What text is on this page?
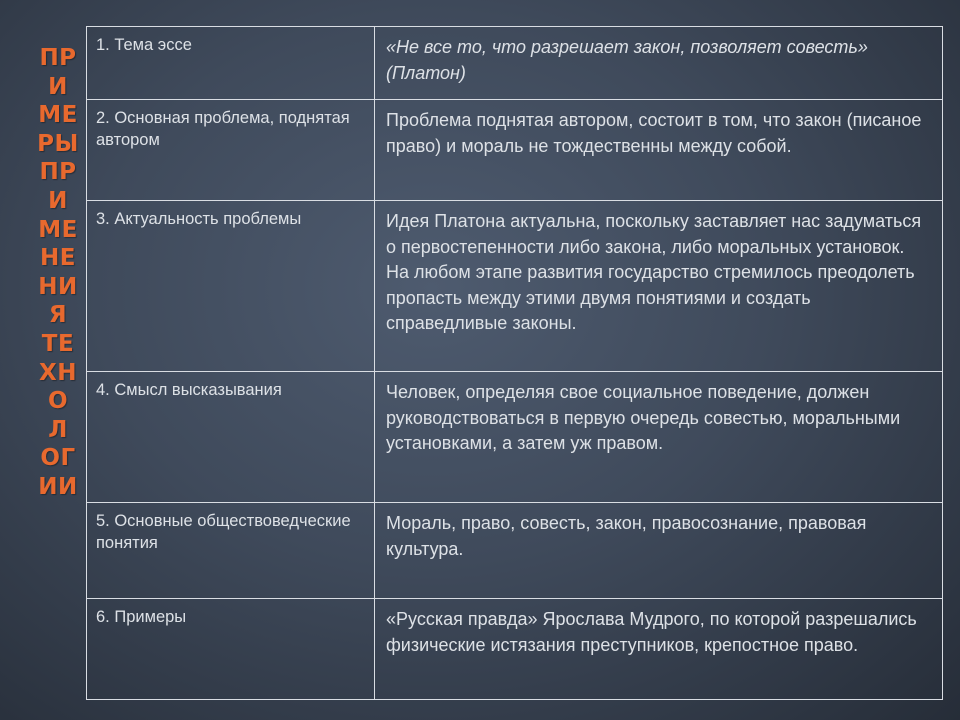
ПР
И
МЕ
РЫ
ПР
И
МЕ
НЕ
НИ
Я
ТЕ
ХН
О
Л
ОГ
ИИ
1. Тема эссе	«Не все то, что разрешает закон, позволяет совесть» (Платон)
2. Основная проблема, поднятая автором	Проблема поднятая автором, состоит в том, что закон (писаное право) и мораль не тождественны между собой.
3. Актуальность проблемы	Идея Платона актуальна, поскольку заставляет нас задуматься о первостепенности либо закона, либо моральных установок. На любом этапе развития государство стремилось преодолеть пропасть между этими двумя понятиями и создать справедливые законы.
4. Смысл высказывания	Человек, определяя свое социальное поведение, должен руководствоваться в первую очередь совестью, моральными установками, а затем уж правом.
5. Основные обществоведческие понятия	Мораль, право, совесть, закон, правосознание, правовая культура.
6. Примеры	«Русская правда» Ярослава Мудрого, по которой разрешались физические истязания преступников, крепостное право.
